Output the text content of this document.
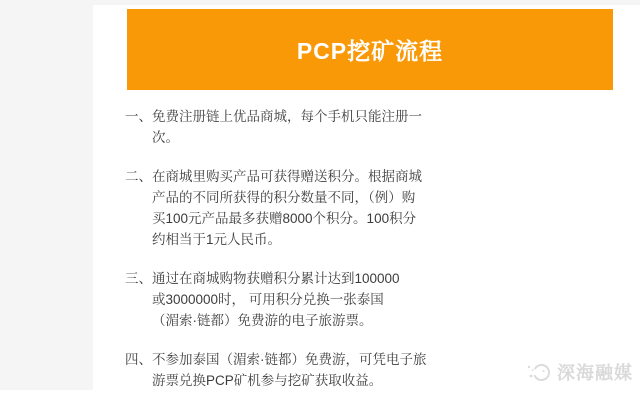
PCP挖矿流程
一、 免费注册链上优品商城，每个手机只能注册一
次。
二、 在商城里购买产品可获得赠送积分。根据商城
产品的不同所获得的积分数量不同，（例）购
买100元产品最多获赠8000个积分。100积分
约相当于1元人民币。
三、 通过在商城购物获赠积分累计达到100000
或3000000时， 可用积分兑换一张泰国
（湄索·链都）免费游的电子旅游票。
四、 不参加泰国（湄索·链都）免费游，可凭电子旅
游票兑换PCP矿机参与挖矿获取收益。	深海融媒
